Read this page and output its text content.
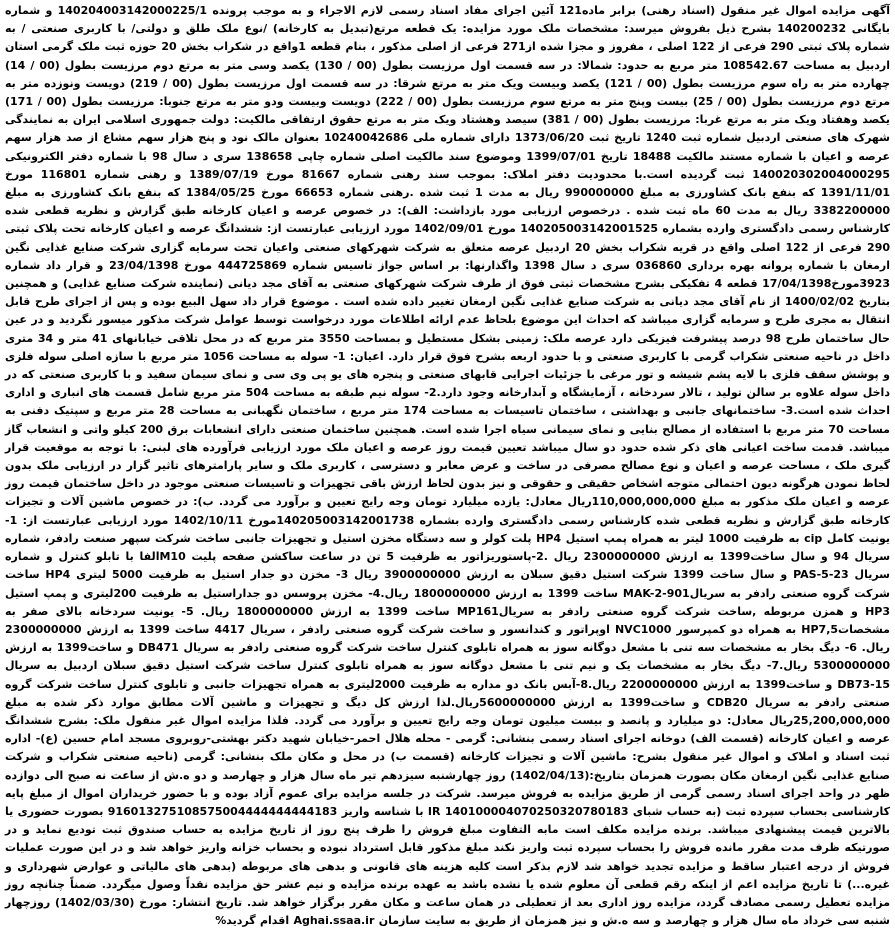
آگهی مزایده اموال غیر منقول (اسناد رهنی) برابر ماده121 آئین اجرای مفاد اسناد رسمی لازم الاجراء و به موجب پرونده 140204003142000225/1 و شماره بایگانی 140200232 بشرح ذیل بفروش میرسد: مشخصات ملک مورد مزایده: یک قطعه مرتع(تبدیل به کارخانه) /نوع ملک طلق و دولتی/ با کاربری صنعتی / به شماره پلاک ثبتی 290 فرعی از 122 اصلی ، مفروز و مجزا شده از271 فرعی از اصلی مذکور ، بنام قطعه 1واقع در شکراب بخش 20 حوزه ثبت ملک گرمی استان اردبیل به مساحت 108542.67 متر مربع به حدود: شمالا: در سه قسمت اول مرزیست بطول (00 / 130) یکصد وسی متر به مرتع دوم مرزیست بطول (00 / 14) چهارده متر به راه سوم مرزیست بطول (00 / 121) یکصد وبیست ویک متر به مرتع شرقا: در سه قسمت اول مرزیست بطول (00 / 219) دویست ونوزده متر به مرتع دوم مرزیست بطول (00 / 25) بیست وپنج متر به مرتع سوم مرزیست بطول (00 / 222) دویست وبیست ودو متر به مرتع جنوبا: مرزیست بطول (00 / 171) یکصد وهفتاد ویک متر به مرتع غربا: مرزیست بطول (00 / 381) سیصد وهشتاد ویک متر به مرتع حقوق ارتفاقی مالکیت: دولت جمهوری اسلامی ایران به نمایندگی شهرک های صنعتی اردبیل شماره ثبت 1240 تاریخ ثبت 1373/06/20 دارای شماره ملی 10240042686 بعنوان مالک نود و پنج هزار سهم مشاع از صد هزار سهم عرصه و اعیان با شماره مستند مالکیت 18488 تاریخ 1399/07/01 وموضوع سند مالکیت اصلی شماره چاپی 138658 سری د سال 98 با شماره دفتر الکترونیکی 140020302004000295 ثبت گردیده است.با محدودیت دفتر املاک: بموجب سند رهنی شماره 81667 مورخ 1389/07/19 و رهنی شماره 116801 مورخ 1391/11/01 که بنفع بانک کشاورزی به مبلغ 990000000 ریال به مدت 1 ثبت شده .رهنی شماره 66653 مورخ 1384/05/25 که بنفع بانک کشاورزی به مبلغ 3382200000 ریال به مدت 60 ماه ثبت شده . درخصوص ارزیابی مورد بازداشت: الف): در خصوص عرصه و اعیان کارخانه طبق گزارش و نظریه قطعی شده کارشناس رسمی دادگستری وارده بشماره 140205003142001525 مورخ 1402/09/01 مورد ارزیابی عبارتست از: ششدانگ عرصه و اعیان کارخانه تحت پلاک ثبتی 290 فرعی از 122 اصلی واقع در قریه شکراب بخش 20 اردبیل عرصه متعلق به شرکت شهرکهای صنعتی واعیان تحت سرمایه گزاری شرکت صنایع غذایی نگین ارمغان با شماره پروانه بهره برداری 036860 سری د سال 1398 واگذارنها: بر اساس جواز تاسیس شماره 444725869 مورخ 23/04/1398 و قرار داد شماره 3923مورخ17/04/1398 قطعه 4 تفکیکی بشرح مشخصات ثبتی فوق از طرف شرکت شهرکهای صنعتی به آقای مجد دیانی (نماینده شرکت صنایع غذایی) و همچنین بتاریخ 1400/02/02 از نام آقای مجد دیانی به شرکت صنایع غذایی نگین ارمغان تغییر داده شده است . موضوع قرار داد سهل البیع بوده و پس از اجرای طرح قابل انتقال به مجری طرح و سرمایه گزاری میباشد که احداث این موضوع بلحاظ عدم ارائه اطلاعات مورد درخواست توسط عوامل شرکت مذکور میسور نگردید و در عین حال ساختمان طرح 98 درصد پیشرفت فیزیکی دارد عرصه ملک: زمینی بشکل مستطیل و بمساحت 3550 متر مربع که در محل تلاقی خیابانهای 41 متر و 34 متری داخل در ناحیه صنعتی شکراب گرمی با کاربری صنعتی و با حدود اربعه بشرح فوق قرار دارد. اعیان: 1- سوله به مساحت 1056 متر مربع با سازه اصلی سوله فلزی و پوشش سقف فلزی با لایه پشم شیشه و تور مرغی با جزئیات اجرایی قابهای صنعتی و پنجره های یو پی وی سی و نمای سیمان سفید و با کاربری صنعتی که در داخل سوله علاوه بر سالن تولید ، تالار سردخانه ، آزمایشگاه و آبدارخانه وجود دارد.2- سوله نیم طبقه به مساحت 504 متر مربع شامل قسمت های انباری و اداری احداث شده است.3- ساختمانهای جانبی و بهداشتی ، ساختمان تاسیسات به مساحت 174 متر مربع ، ساختمان نگهبانی به مساحت 28 متر مربع و سپتیک دفنی به مساحت 70 متر مربع با استفاده از مصالح بنایی و نمای سیمانی سیاه اجرا شده است. همچنین ساختمان صنعتی دارای انشعابات برق 200 کیلو واتی و انشعاب گاز میباشد. قدمت ساخت اعیانی های ذکر شده حدود دو سال میباشد تعیین قیمت روز عرصه و اعیان ملک مورد ارزیابی فرآورده های لبنی: با توجه به موقعیت قرار گیری ملک ، مساحت عرصه و اعیان و نوع مصالح مصرفی در ساخت و عرض معابر و دسترسی ، کاربری ملک و سایر پارامترهای تاثیر گزار در ارزیابی ملک بدون لحاظ نمودن هرگونه دیون احتمالی متوجه اشخاص حقیقی و حقوقی و نیز بدون لحاظ ارزش باقی تجهیزات و تاسیسات صنعتی موجود در داخل ساختمان قیمت روز عرصه و اعیان ملک مذکور به مبلغ 110,000,000,000ریال معادل: یازده میلیارد تومان وجه رایج تعیین و برآورد می گردد. ب): در خصوص ماشین آلات و تجیزات کارخانه طبق گزارش و نظریه قطعی شده کارشناس رسمی دادگستری وارده بشماره 140205003142001738مورخ 1402/10/11 مورد ارزیابی عبارتست از: 1- یونیت کامل cip به ظرفیت 1000 لیتر به همراه پمپ استیل HP4 پلت کولر و سه دستگاه مخزن استیل و تجهیزات جانبی ساخت شرکت سپهر صنعت رادفر، شماره سریال 94 و سال ساخت1399 به ارزش 2300000000 ریال .2-پاستوریزاتور به ظرفیت 5 تن در ساعت ساکشن صفحه پلیت M10الفا با تابلو کنترل و شماره سریال PAS-5-23 و سال ساخت 1399 شرکت استیل دقیق سبلان به ارزش 3900000000 ریال 3- مخزن دو جدار استیل به ظرفیت 5000 لیتری HP4 ساخت شرکت گروه صنعتی رادفر به سریالMAK-2-901 ساخت 1399 به ارزش 1800000000 ریال.4- مخزن پروسس دو جداراستیل به ظرفیت 200لیتری و پمپ استیل HP3 و همزن مربوطه ,ساخت شرکت گروه صنعتی رادفر به سریالMP161 ساخت 1399 به ارزش 1800000000 ریال. 5- یونیت سردخانه بالای صفر به مشخصاتHP7,5 به همراه دو کمپرسور NVC1000 اوپراتور و کندانسور و ساخت شرکت گروه صنعتی رادفر ، سریال 4417 ساخت 1399 به ارزش 2300000000 ریال. 6- دیگ بخار به مشخصات سه تنی با مشعل دوگانه سوز به همراه تابلوی کنترل ساخت شرکت گروه صنعتی رادفر به سریال DB471 و ساخت1399 به ارزش 5300000000 ریال.7- دیگ بخار به مشخصات یک و نیم تنی با مشعل دوگانه سوز به همراه تابلوی کنترل ساخت شرکت استیل دقیق سبلان اردبیل به سریال DB73-15 و ساخت1399 به ارزش 2200000000 ریال.8-آبس بانک دو مداره به ظرفیت 2000لیتری به همراه تجهیزات جانبی و تابلوی کنترل ساخت شرکت گروه صنعتی رادفر به سریال CDB20 و ساخت1399 به ارزش 5600000000ریال.لذا ارزش کل دیگ و تجهیزات و ماشین آلات مطابق موارد ذکر شده به مبلغ 25,200,000,000ریال معادل: دو میلیارد و پانصد و بیست میلیون تومان وجه رایج تعیین و برآورد می گردد. فلذا مزایده اموال غیر منقول ملک: بشرح ششدانگ عرصه و اعیان کارخانه (قسمت الف) دوخانه اجرای اسناد رسمی بنشانی: گرمی - محله هلال احمر-خیابان شهید دکتر بهشتی-روبروی مسجد امام حسین (ع)- اداره ثبت اسناد و املاک و اموال غیر منقول بشرح: ماشین آلات و تجیزات کارخانه (قسمت ب) در محل و مکان ملک بنشانی: گرمی (ناحیه صنعتی شکراب و شرکت صنایع غذایی نگین ارمغان مکان بصورت همزمان بتاریخ:(1402/04/13) روز چهارشنبه سیزدهم تیر ماه سال هزار و چهارصد و دو ه.ش از ساعت نه صبح الی دوازده ظهر در واحد اجرای اسناد رسمی گرمی از طریق مزایده به فروش میرسد. شرکت در جلسه مزایده برای عموم آزاد بوده و با حضور خریداران اموال از مبلغ پایه کارشناسی بحساب سپرده ثبت (به حساب شبای IR 140100004070250320780183 با شناسه واریز 916013275108575004444444444183 بصورت حضوری یا بالاترین قیمت پیشنهادی میباشد. برنده مزایده مکلف است مابه التفاوت مبلغ فروش را ظرف پنج روز از تاریخ مزایده به حساب صندوق ثبت تودیع نماید و در صورتیکه ظرف مدت مقرر مانده فروش را بحساب سپرده ثبت واریز نکند مبلغ مذکور قابل استرداد نبوده و بحساب خزانه واریز خواهد شد و در این صورت عملیات فروش از درجه اعتبار ساقط و مزایده تجدید خواهد شد لازم بذکر است کلیه هزینه های قانونی و بدهی های مربوطه (بدهی های مالیاتی و عوارض شهرداری و غیره...) تا تاریخ مزایده اعم از اینکه رقم قطعی آن معلوم شده یا نشده باشد به عهده برنده مزایده و نیم عشر حق مزایده نقداً وصول میگردد. ضمناً چنانچه روز مزایده تعطیل رسمی مصادف گردد، مزایده روز اداری بعد از تعطیلی در همان ساعت و مکان مقرر برگزار خواهد شد. تاریخ انتشار: مورخ (1402/03/30) روزچهار شنبه سی خرداد ماه سال هزار و چهارصد و سه ه.ش و نیز همزمان از طریق به سایت سازمان Aghai.ssaa.ir اقدام گردید%
